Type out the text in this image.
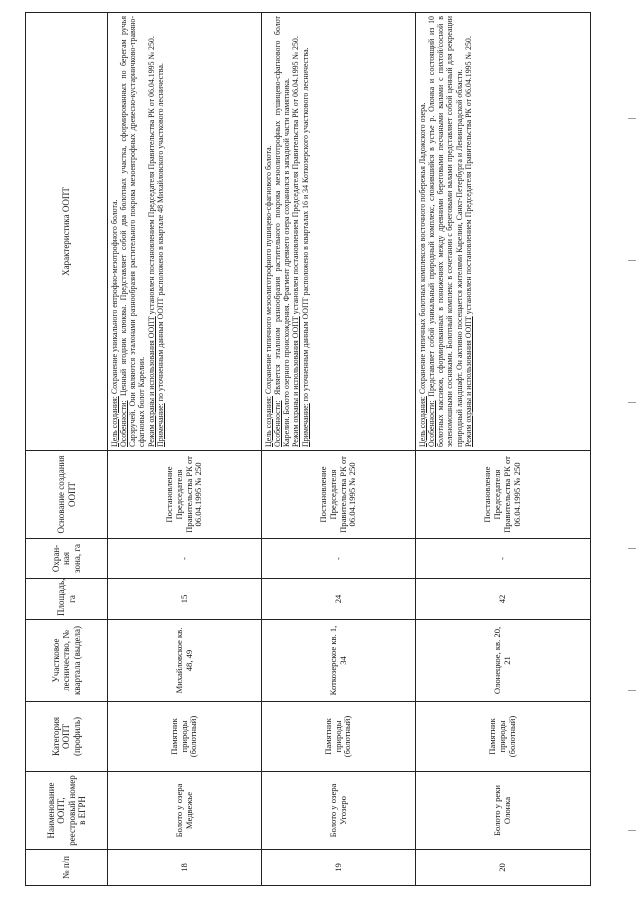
№ п/п	Наименование ООПТ, реестровый номер в ЕГРН	Категория ООПТ (профиль)	Участковое лесничество, № квартала (выдела)	Площадь, га	Охран-ная зона, га	Основание создания ООПТ	Характеристика ООПТ
18	Болото у озера Медвежье	Памятник природы (болотный)	Михайловское кв. 48, 49	15	-	Постановление Председателя Правительства РК от 06.04.1995 № 250	Цель создания: Сохранение уникального евтрофно-мезотрофного болота.
Особенности: Ценный ягодник клюквы. Представляет собой два болотных участка, сформированных по берегам ручья Сарзручей. Они являются эталонами разнообразия растительного покрова мезоевтрофных древесно-кустарничково-травяно-сфагновых болот Карелии. Режим охраны и использования ООПТ установлен постановлением Председателя Правительства РК от 06.04.1995 № 250.
Примечание: по уточненным данным ООПТ расположено в квартале 48 Михайловского участкового лесничества.

19	Болото у озера Угозеро	Памятник природы (болотный)	Коткозерское кв. 1, 34	24	-	Постановление Председателя Правительства РК от 06.04.1995 № 250	Цель создания: Сохранение типичного мезоолиготрофного пушицево-сфагнового болота.
Особенности: Является эталоном разнообразия растительного покрова мезоолиготрофных пушицево-сфагнового болот Карелии. Болото озерного происхождения. Фрагмент древнего озера сохранился в западной части памятника. Режим охраны и использования ООПТ установлен постановлением Председателя Правительства РК от 06.04.1995 № 250.
Примечание: по уточненным данным ООПТ расположено в кварталах 16 и 34 Коткозерского участкового лесничества.

20	Болото у реки Олонка	Памятник природы (болотный)	Олонецкое, кв. 20, 21	42	-	Постановление Председателя Правительства РК от 06.04.1995 № 250	Цель создания: Сохранение типичных болотных комплексов восточного побережья Ладожского озера.
Особенности: Представляет собой уникальный природный комплекс, сложившийся в устье р. Олонка и состоящий из 10 болотных массивов, сформированных в понижениях между древними береговыми песчаными валами с пихтой/сосной в зеленомошными сосняками. Болотный комплекс в сочетании с береговыми валами представляет собой ценный для рекреации природный ландшафт. Он активно посещается жителями Карелии, Санкт-Петербурга и Ленинградской области. Режим охраны и использования ООПТ установлен постановлением Председателя Правительства РК от 06.04.1995 № 250.
